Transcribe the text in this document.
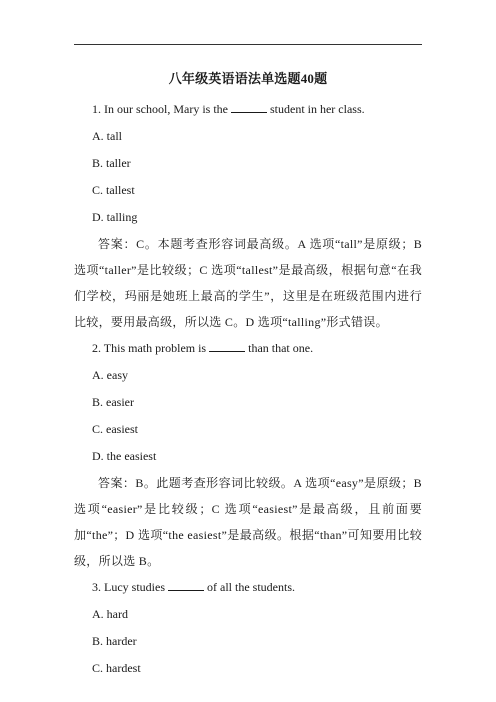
八年级英语语法单选题40题

1. In our school, Mary is the	student in her class.

A. tall

B. taller

C. tallest

D. talling

答案：C。本题考查形容词最高级。A 选项“tall”是原级；B 选项“taller”是比较级；C 选项“tallest”是最高级，根据句意“在我们学校，玛丽是她班上最高的学生”，这里是在班级范围内进行比较，要用最高级，所以选 C。D 选项“talling”形式错误。

2. This math problem is	than that one.

A. easy

B. easier

C. easiest

D. the easiest

答案：B。此题考查形容词比较级。A 选项“easy”是原级；B 选项“easier”是比较级；C 选项“easiest”是最高级，且前面要加“the”；D 选项“the easiest”是最高级。根据“than”可知要用比较级，所以选 B。

3. Lucy studies	of all the students.

A. hard

B. harder

C. hardest
